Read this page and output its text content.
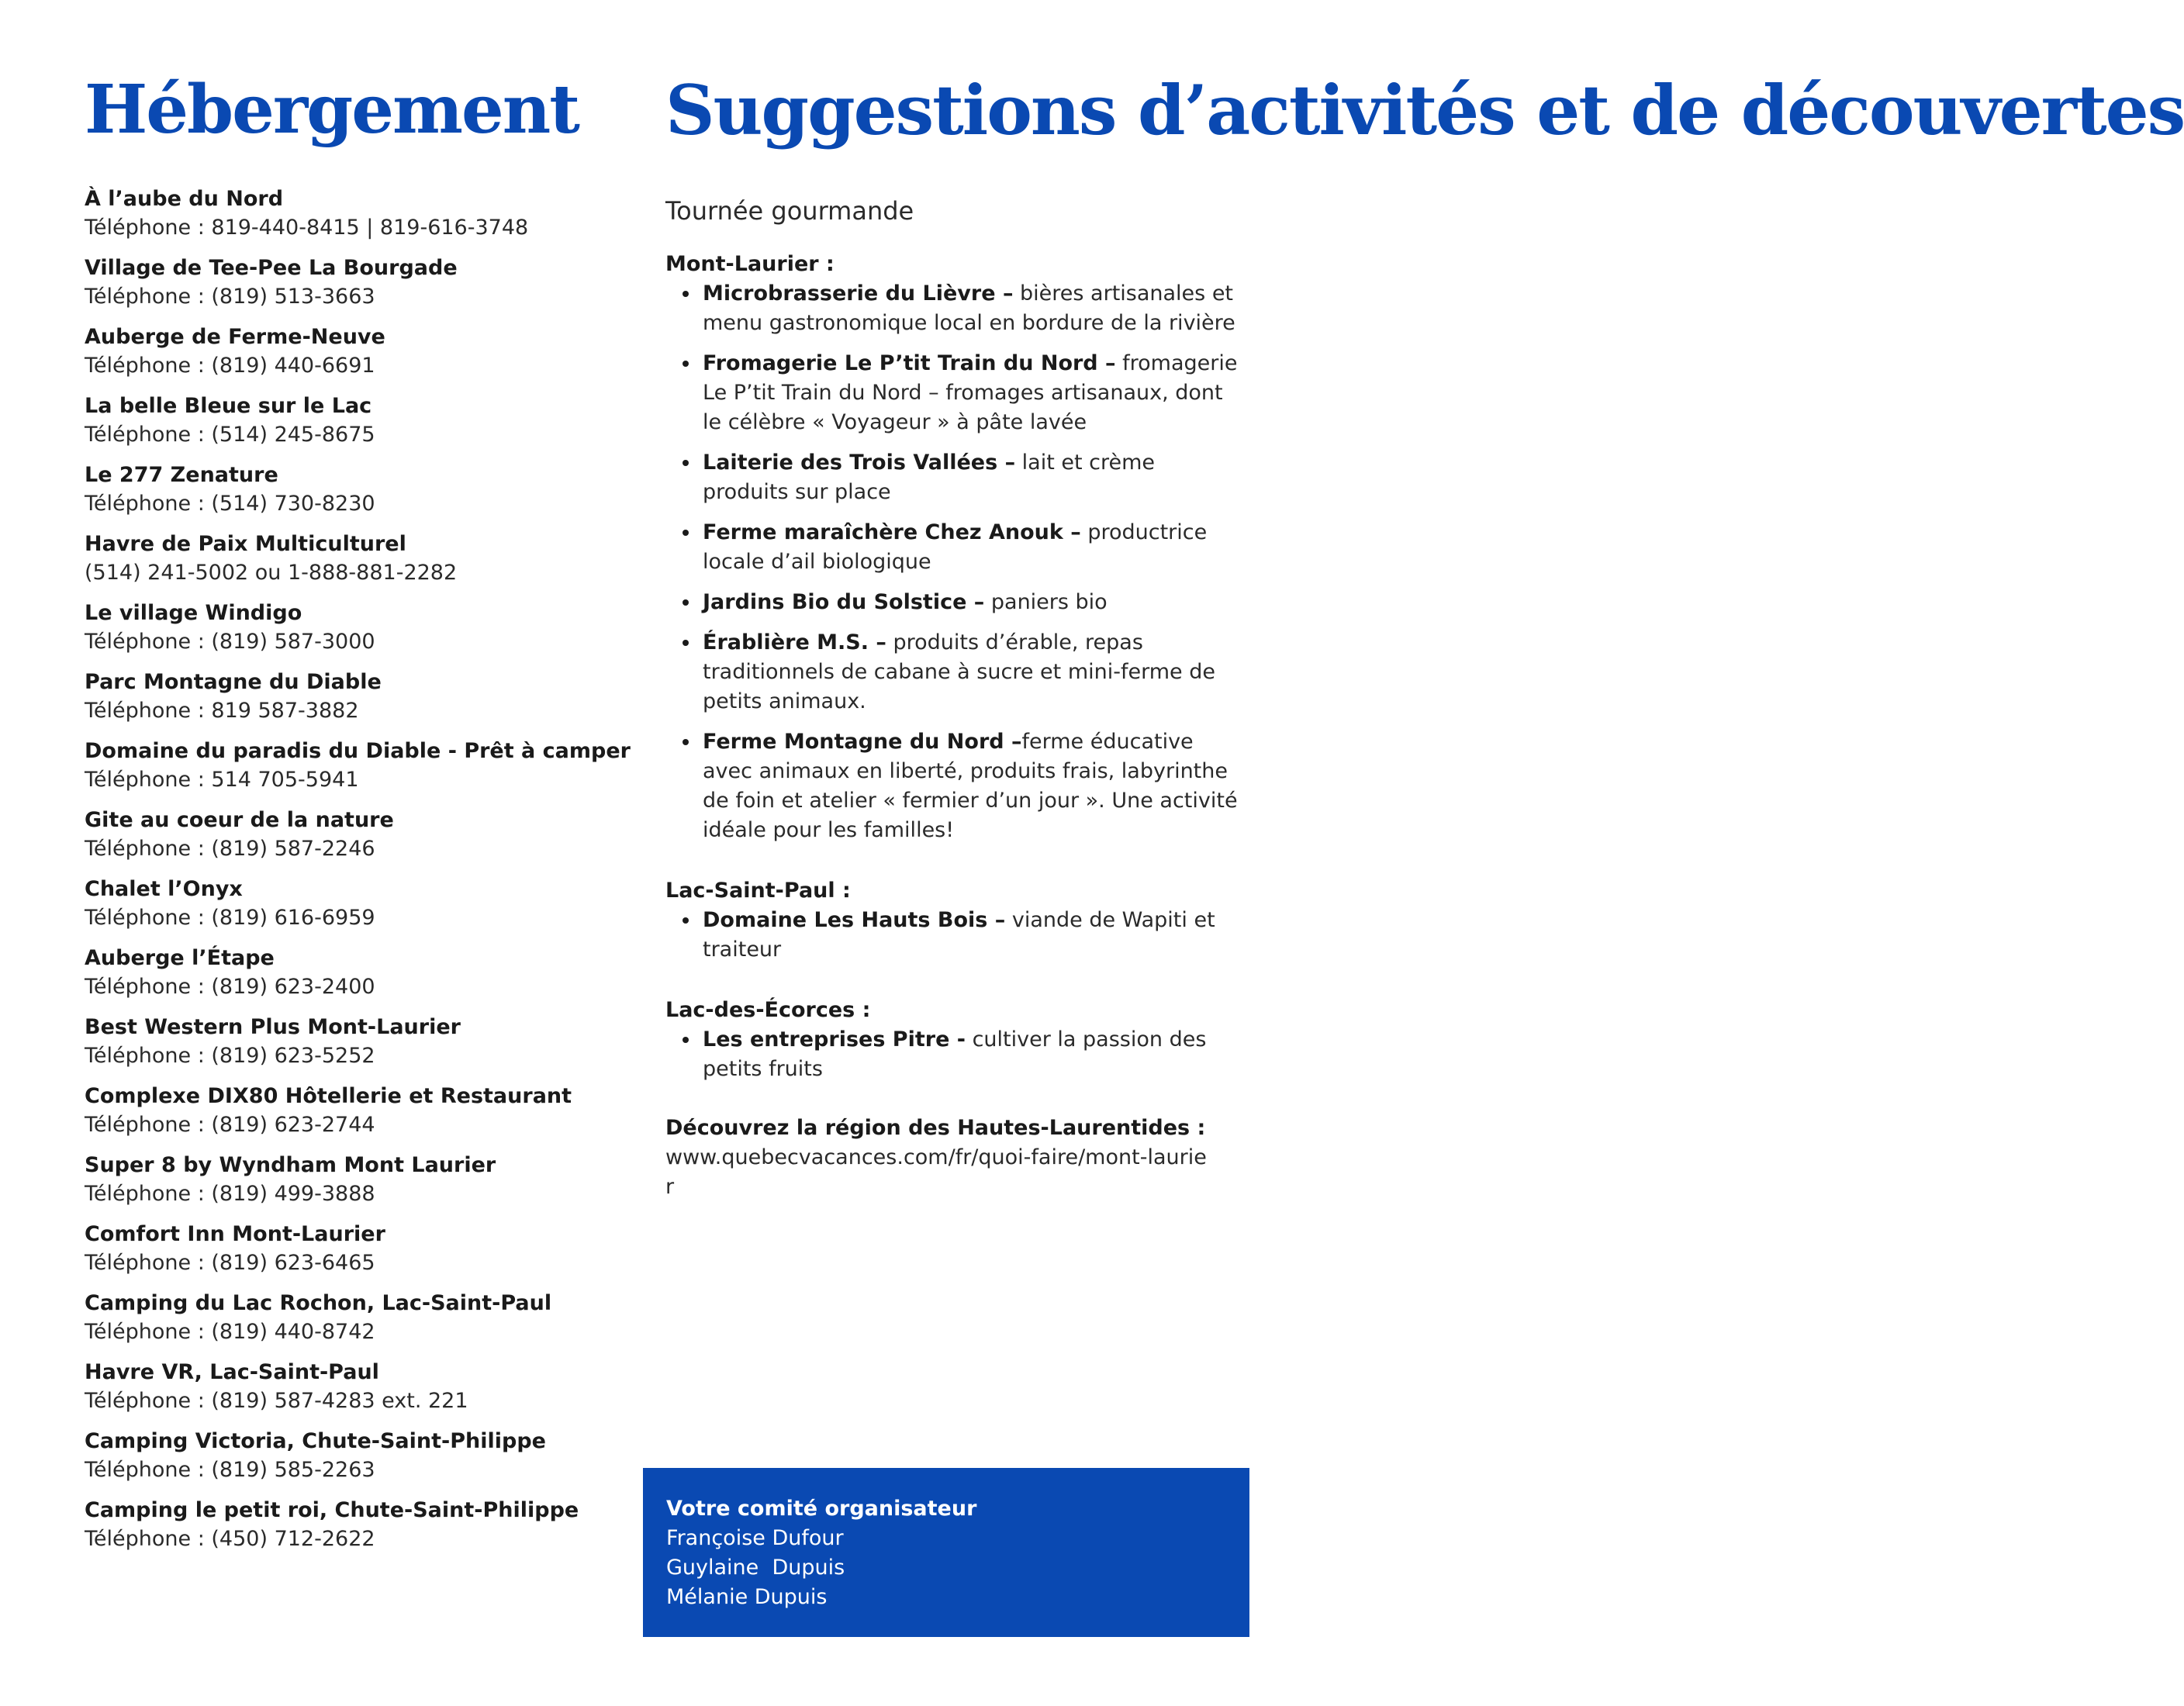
Hébergement
À l’aube du Nord
Téléphone : 819-440-8415 | 819-616-3748
Village de Tee-Pee La Bourgade
Téléphone : (819) 513-3663
Auberge de Ferme-Neuve
Téléphone : (819) 440-6691
La belle Bleue sur le Lac
Téléphone : (514) 245-8675
Le 277 Zenature
Téléphone : (514) 730-8230
Havre de Paix Multiculturel
(514) 241-5002 ou 1-888-881-2282
Le village Windigo
Téléphone : (819) 587-3000
Parc Montagne du Diable
Téléphone : 819 587-3882
Domaine du paradis du Diable - Prêt à camper
Téléphone : 514 705-5941
Gite au coeur de la nature
Téléphone : (819) 587-2246
Chalet l’Onyx
Téléphone : (819) 616-6959
Auberge l’Étape
Téléphone : (819) 623-2400
Best Western Plus Mont-Laurier
Téléphone : (819) 623-5252
Complexe DIX80 Hôtellerie et Restaurant
Téléphone : (819) 623-2744
Super 8 by Wyndham Mont Laurier
Téléphone : (819) 499-3888
Comfort Inn Mont-Laurier
Téléphone : (819) 623-6465
Camping du Lac Rochon, Lac-Saint-Paul
Téléphone : (819) 440-8742
Havre VR, Lac-Saint-Paul
Téléphone : (819) 587-4283 ext. 221
Camping Victoria, Chute-Saint-Philippe
Téléphone : (819) 585-2263
Camping le petit roi, Chute-Saint-Philippe
Téléphone : (450) 712-2622
Suggestions d’activités et de découvertes
Tournée gourmande
Mont-Laurier :
Microbrasserie du Lièvre – bières artisanales et menu gastronomique local en bordure de la rivière
Fromagerie Le P’tit Train du Nord – fromagerie Le P’tit Train du Nord – fromages artisanaux, dont le célèbre « Voyageur » à pâte lavée
Laiterie des Trois Vallées – lait et crème produits sur place
Ferme maraîchère Chez Anouk – productrice locale d’ail biologique
Jardins Bio du Solstice – paniers bio
Érablière M.S. – produits d’érable, repas traditionnels de cabane à sucre et mini-ferme de petits animaux.
Ferme Montagne du Nord –ferme éducative avec animaux en liberté, produits frais, labyrinthe de foin et atelier « fermier d’un jour ». Une activité idéale pour les familles!
Lac-Saint-Paul :
Domaine Les Hauts Bois – viande de Wapiti et traiteur
Lac-des-Écorces :
Les entreprises Pitre - cultiver la passion des petits fruits
Découvrez la région des Hautes-Laurentides :
www.quebecvacances.com/fr/quoi-faire/mont-laurier
Votre comité organisateur
Françoise Dufour
Guylaine  Dupuis
Mélanie Dupuis
